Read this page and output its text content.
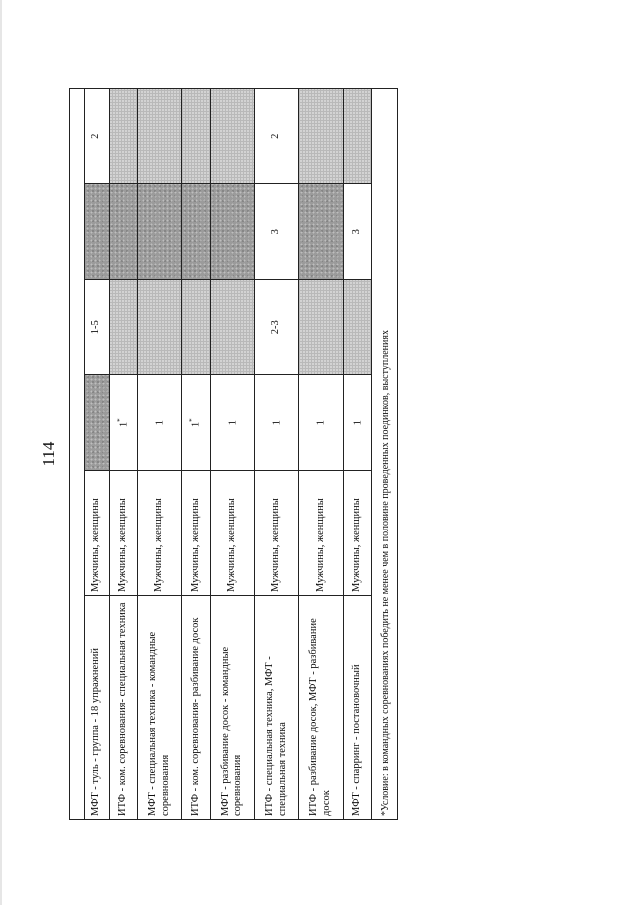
114
МФТ - туль - группа - 18 упражнений	Мужчины, женщины		1-5		2
ИТФ - ком. соревнования- специальная техника	Мужчины, женщины	1*			
МФТ - специальная техника - командные соревнования	Мужчины, женщины	1			
ИТФ - ком. соревнования- разбивание досок	Мужчины, женщины	1*			
МФТ - разбивание досок - командные соревнования	Мужчины, женщины	1			
ИТФ - специальная техника, МФТ - специальная техника	Мужчины, женщины	1	2-3	3	2
ИТФ - разбивание досок, МФТ - разбивание досок	Мужчины, женщины	1			
МФТ - спарринг - постановочный	Мужчины, женщины	1		3	
*Условие: в командных соревнованиях победить не менее чем в половине проведенных поединков, выступлениях
